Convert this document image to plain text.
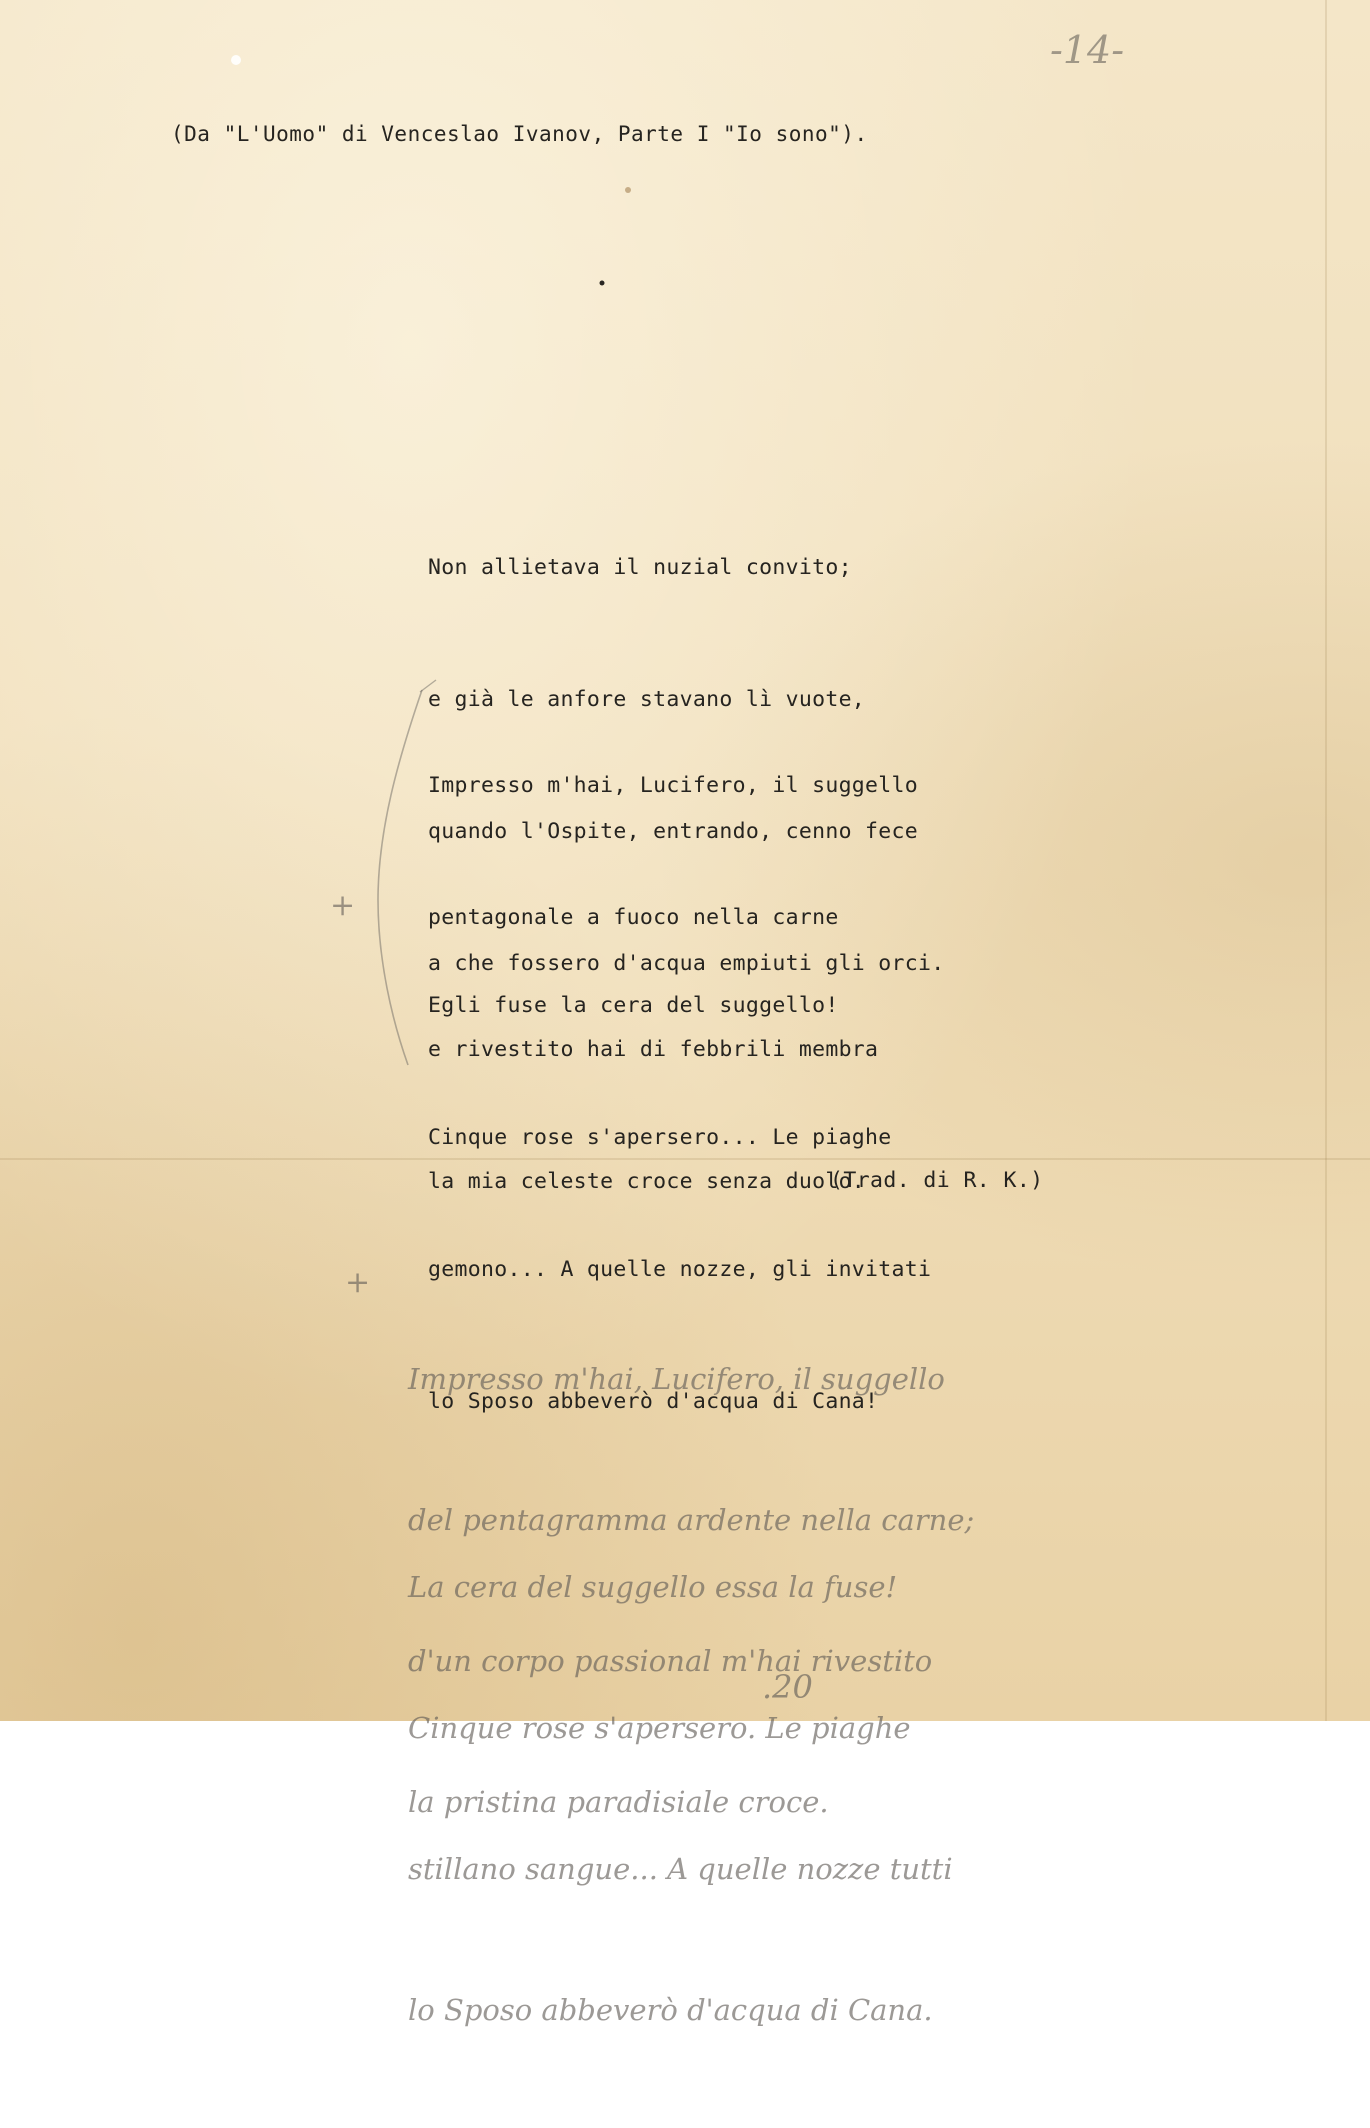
-14-

(Da "L'Uomo" di Venceslao Ivanov, Parte I "Io sono").

Non allietava il nuzial convito;

e già le anfore stavano lì vuote,

quando l'Ospite, entrando, cenno fece

a che fossero d'acqua empiuti gli orci.

Impresso m'hai, Lucifero, il suggello

pentagonale a fuoco nella carne

e rivestito hai di febbrili membra

la mia celeste croce senza duolo.

Egli fuse la cera del suggello!

Cinque rose s'apersero... Le piaghe

gemono... A quelle nozze, gli invitati

lo Sposo abbeverò d'acqua di Cana!

+

(Trad. di R. K.)

+

Impresso m'hai, Lucifero, il suggello

del pentagramma ardente nella carne;

d'un corpo passional m'hai rivestito

la pristina paradisiale croce.

La cera del suggello essa la fuse!

Cinque rose s'apersero. Le piaghe

stillano sangue... A quelle nozze tutti

lo Sposo abbeverò d'acqua di Cana.

.20
